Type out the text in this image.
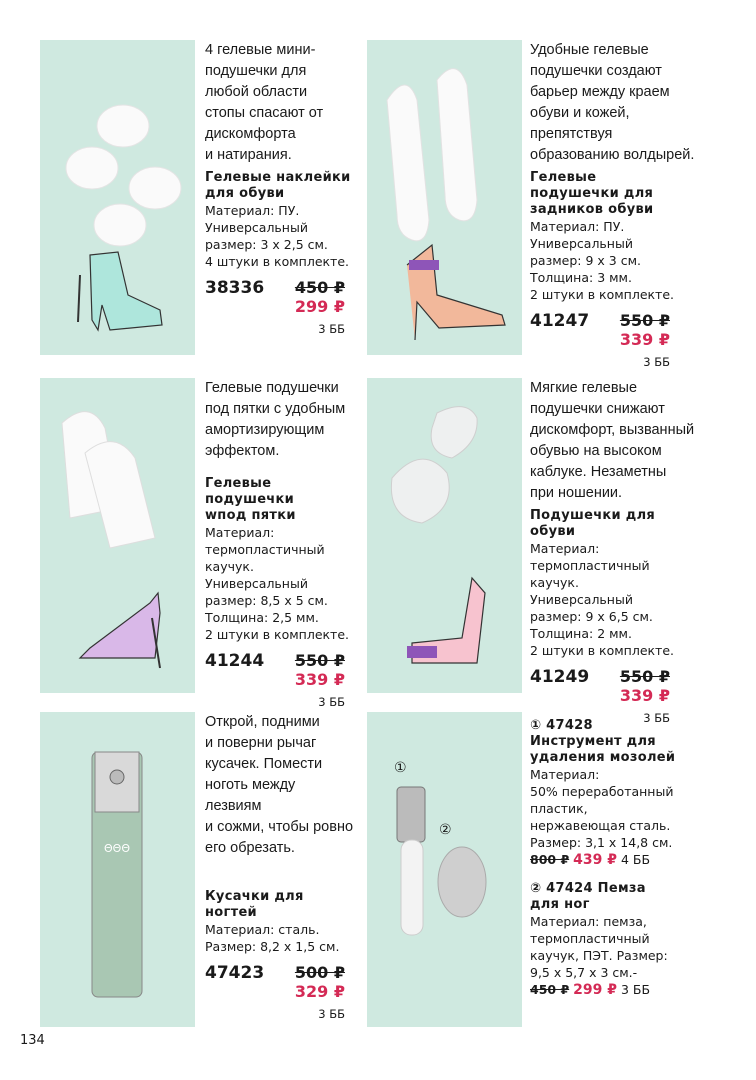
ΘΘΘ
①
②

4 гелевые мини-
подушечки для
любой области
стопы спасают от
дискомфорта
и натирания.

Гелевые наклейки
для обуви

Материал: ПУ.
Универсальный
размер: 3 х 2,5 см.
4 штуки в комплекте.

38336 450 ₽
299 ₽
3 ББ

Удобные гелевые
подушечки создают
барьер между краем
обуви и кожей,
препятствуя
образованию волдырей.

Гелевые
подушечки для
задников обуви

Материал: ПУ.
Универсальный
размер: 9 х 3 см.
Толщина: 3 мм.
2 штуки в комплекте.

41247 550 ₽
339 ₽
3 ББ

Гелевые подушечки
под пятки с удобным
амортизирующим
эффектом.

Гелевые
подушечки
wпод пятки

Материал:
термопластичный
каучук.
Универсальный
размер: 8,5 х 5 см.
Толщина: 2,5 мм.
2 штуки в комплекте.

41244 550 ₽
339 ₽
3 ББ

Мягкие гелевые
подушечки снижают
дискомфорт, вызванный
обувью на высоком
каблуке. Незаметны
при ношении.

Подушечки для
обуви

Материал:
термопластичный
каучук.
Универсальный
размер: 9 х 6,5 см.
Толщина: 2 мм.
2 штуки в комплекте.

41249 550 ₽
339 ₽
3 ББ

Открой, подними
и поверни рычаг
кусачек. Помести
ноготь между лезвиям
и сожми, чтобы ровно
его обрезать.

Кусачки для
ногтей

Материал: сталь.
Размер: 8,2 х 1,5 см.

47423 500 ₽
329 ₽
3 ББ

① 47428
Инструмент для
удаления мозолей

Материал:
50% переработанный
пластик,
нержавеющая сталь.
Размер: 3,1 х 14,8 см.

800 ₽ 439 ₽ 4 ББ

② 47424 Пемза
для ног

Материал: пемза,
термопластичный
каучук, ПЭТ. Размер:
9,5 х 5,7 х 3 см.-

450 ₽ 299 ₽ 3 ББ
134
